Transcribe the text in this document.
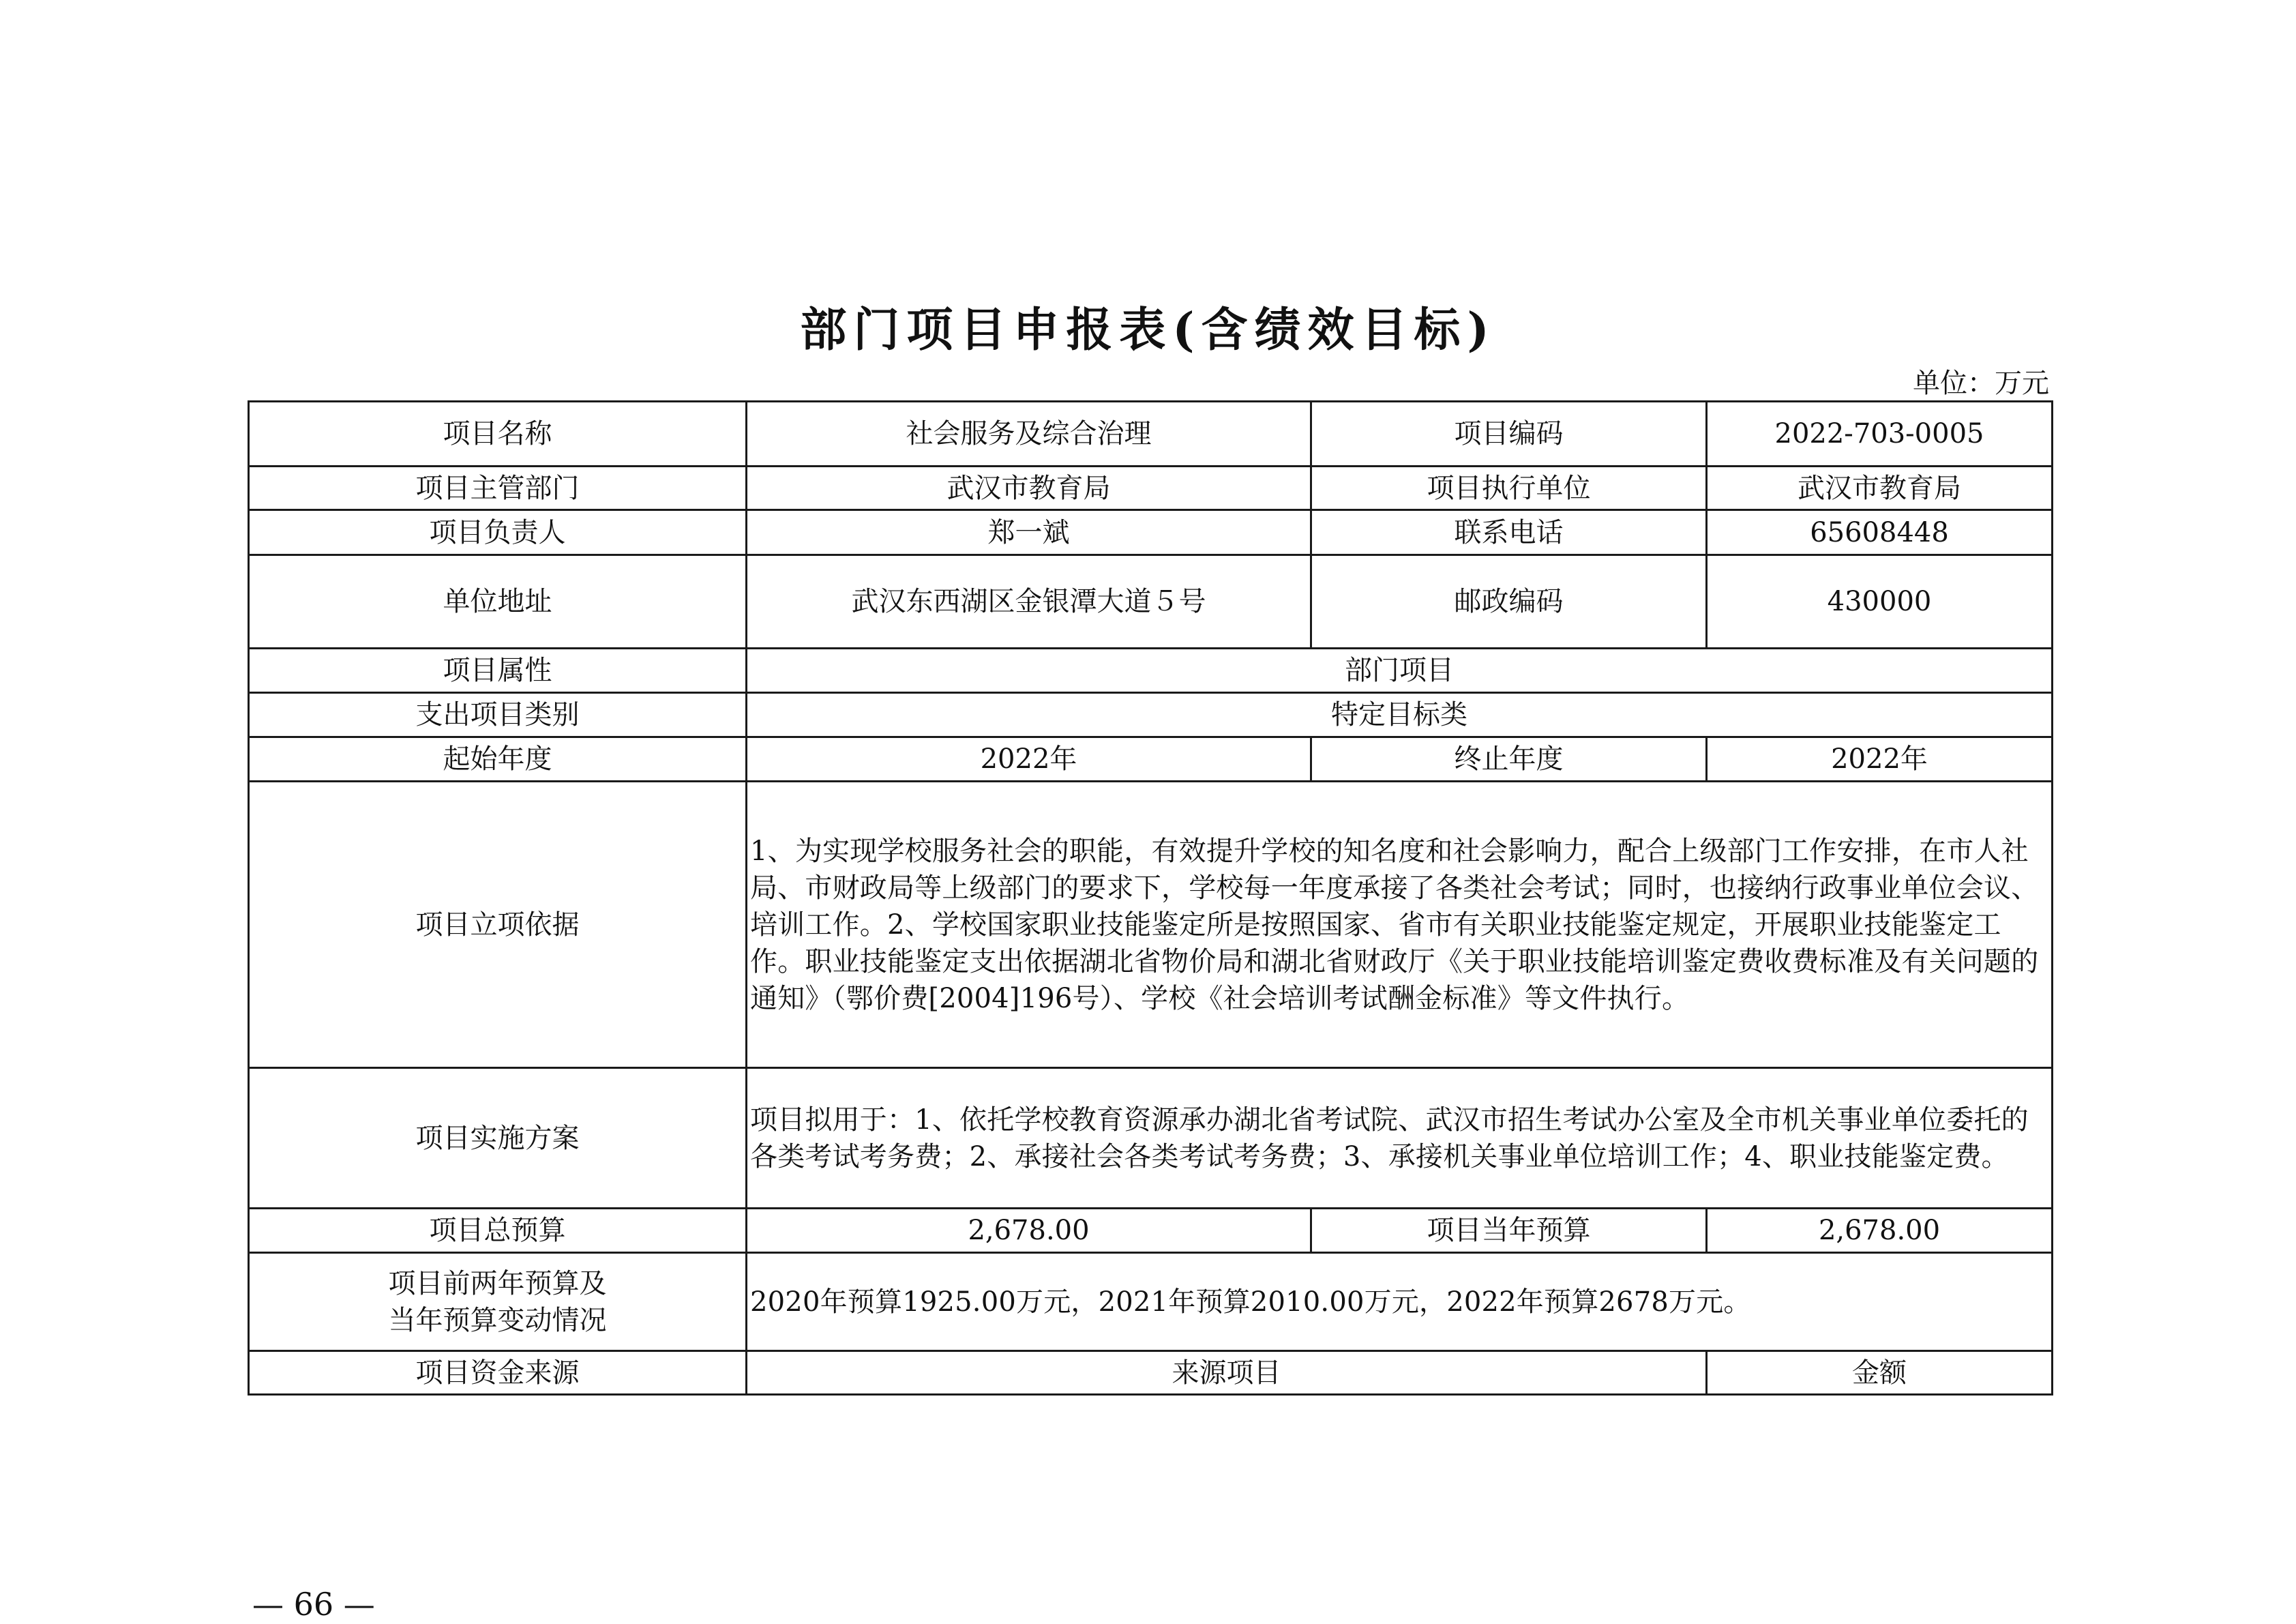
部门项目申报表(含绩效目标)
单位：万元
项目名称	社会服务及综合治理	项目编码	2022-703-0005
项目主管部门	武汉市教育局	项目执行单位	武汉市教育局
项目负责人	郑一斌	联系电话	65608448
单位地址	武汉东西湖区金银潭大道５号	邮政编码	430000
项目属性	部门项目		
支出项目类别	特定目标类		
起始年度	2022年	终止年度	2022年
项目立项依据	1、为实现学校服务社会的职能，有效提升学校的知名度和社会影响力，配合上级部门工作安排，在市人社局、市财政局等上级部门的要求下，学校每一年度承接了各类社会考试；同时，也接纳行政事业单位会议、培训工作。2、学校国家职业技能鉴定所是按照国家、省市有关职业技能鉴定规定，开展职业技能鉴定工作。职业技能鉴定支出依据湖北省物价局和湖北省财政厅《关于职业技能培训鉴定费收费标准及有关问题的通知》（鄂价费[2004]196号）、学校《社会培训考试酬金标准》等文件执行。		
项目实施方案	项目拟用于：1、依托学校教育资源承办湖北省考试院、武汉市招生考试办公室及全市机关事业单位委托的各类考试考务费；2、承接社会各类考试考务费；3、承接机关事业单位培训工作；4、职业技能鉴定费。		
项目总预算	2,678.00	项目当年预算	2,678.00

项目前两年预算及
当年预算变动情况	2020年预算1925.00万元，2021年预算2010.00万元，2022年预算2678万元。		
项目资金来源	来源项目		金额
— 66 —
